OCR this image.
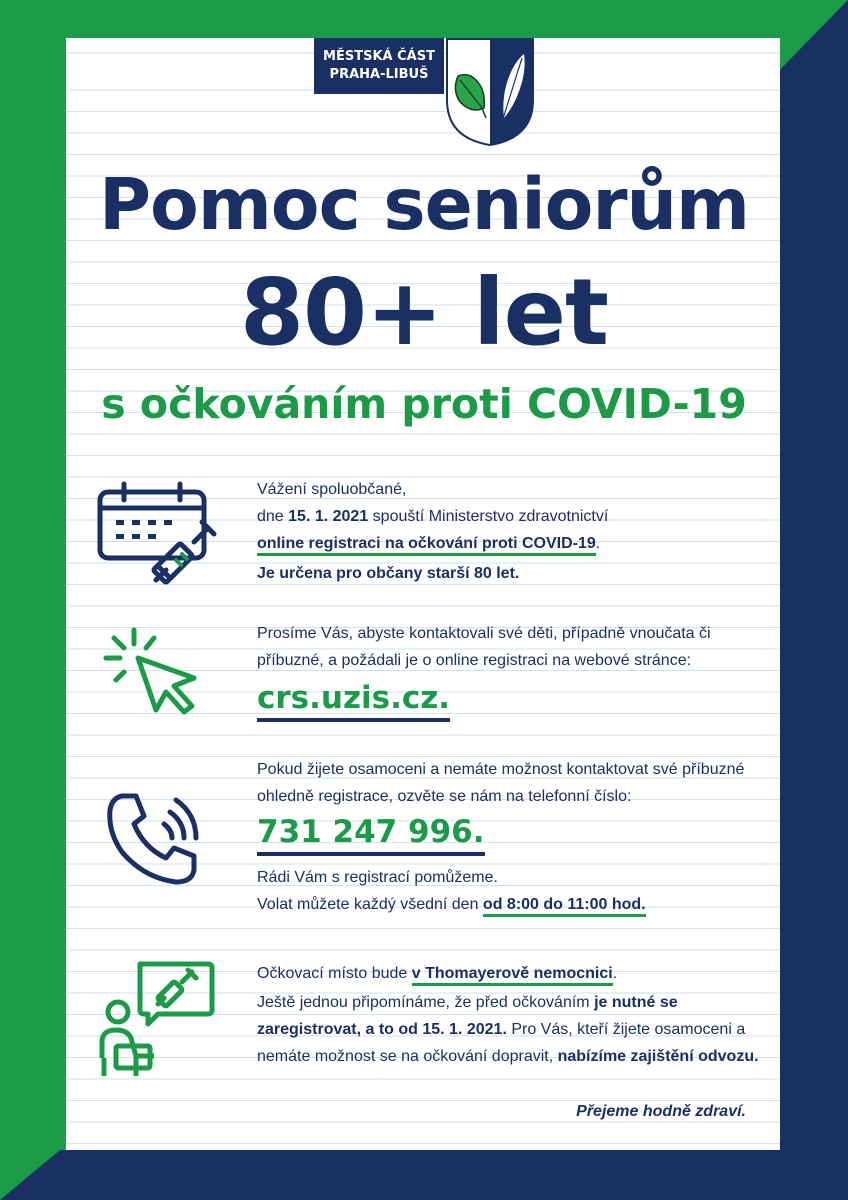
MĚSTSKÁ ČÁST
PRAHA-LIBUŠ
Pomoc seniorům
80+ let
s očkováním proti COVID-19
Vážení spoluobčané,
dne 15. 1. 2021 spouští Ministerstvo zdravotnictví
online registraci na očkování proti COVID-19.
Je určena pro občany starší 80 let.
Prosíme Vás, abyste kontaktovali své děti, případně vnoučata či příbuzné, a požádali je o online registraci na webové stránce:
crs.uzis.cz.
Pokud žijete osamoceni a nemáte možnost kontaktovat své příbuzné ohledně registrace, ozvěte se nám na telefonní číslo:
731 247 996.
Rádi Vám s registrací pomůžeme.
Volat můžete každý všední den od 8:00 do 11:00 hod.
Očkovací místo bude v Thomayerově nemocnici.
Ještě jednou připomínáme, že před očkováním je nutné se zaregistrovat, a to od 15. 1. 2021. Pro Vás, kteří žijete osamoceni a nemáte možnost se na očkování dopravit, nabízíme zajištění odvozu.
Přejeme hodně zdraví.
